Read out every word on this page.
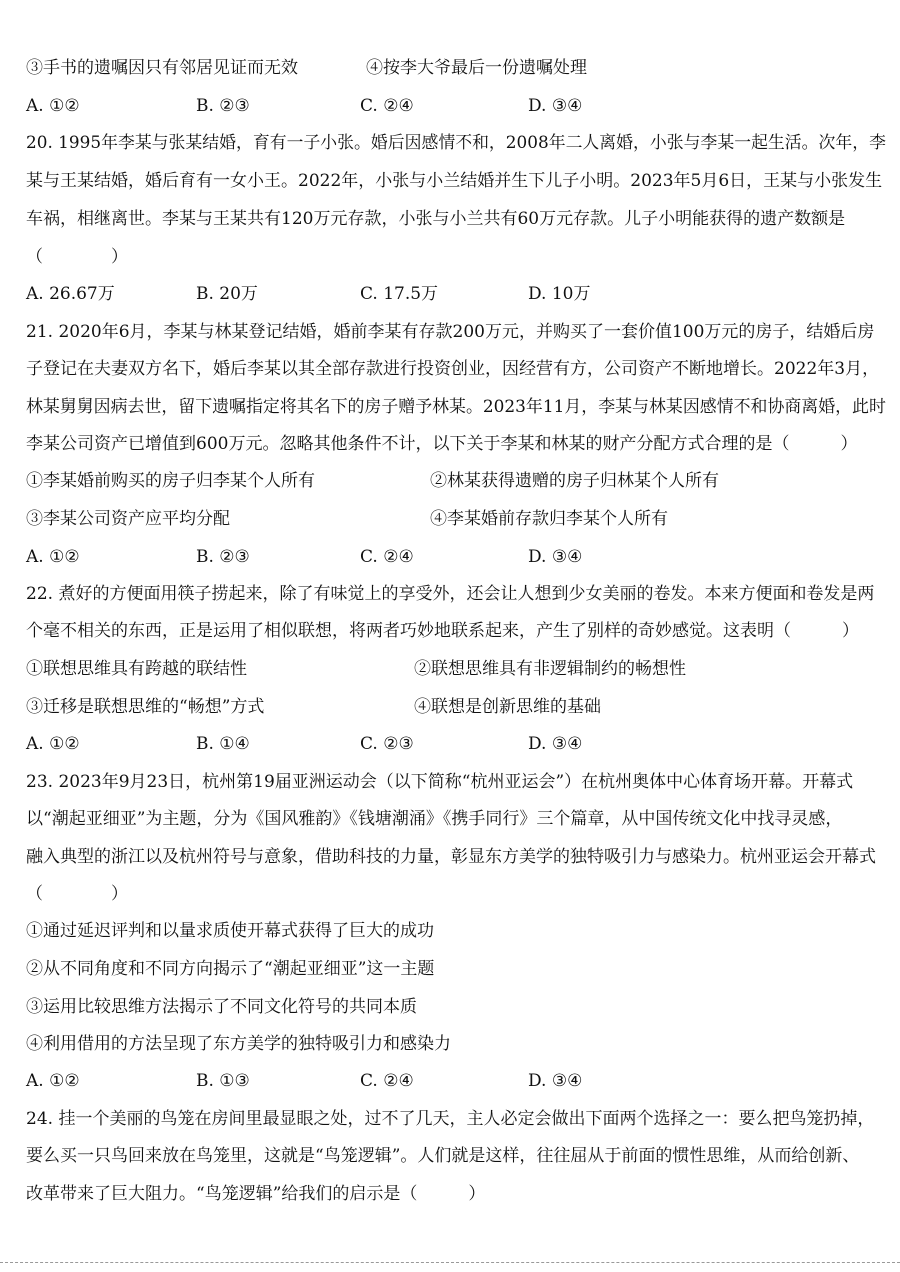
③手书的遗嘱因只有邻居见证而无效	④按李大爷最后一份遗嘱处理
A. ①②	B. ②③	C. ②④	D. ③④
20. 1995年李某与张某结婚，育有一子小张。婚后因感情不和，2008年二人离婚，小张与李某一起生活。次年，李
某与王某结婚，婚后育有一女小王。2022年，小张与小兰结婚并生下儿子小明。2023年5月6日，王某与小张发生
车祸，相继离世。李某与王某共有120万元存款，小张与小兰共有60万元存款。儿子小明能获得的遗产数额是
（　　　　）
A. 26.67万	B. 20万	C. 17.5万	D. 10万
21. 2020年6月，李某与林某登记结婚，婚前李某有存款200万元，并购买了一套价值100万元的房子，结婚后房
子登记在夫妻双方名下，婚后李某以其全部存款进行投资创业，因经营有方，公司资产不断地增长。2022年3月，
林某舅舅因病去世，留下遗嘱指定将其名下的房子赠予林某。2023年11月，李某与林某因感情不和协商离婚，此时
李某公司资产已增值到600万元。忽略其他条件不计，以下关于李某和林某的财产分配方式合理的是（　　　）
①李某婚前购买的房子归李某个人所有	②林某获得遗赠的房子归林某个人所有
③李某公司资产应平均分配	④李某婚前存款归李某个人所有
A. ①②	B. ②③	C. ②④	D. ③④
22. 煮好的方便面用筷子捞起来，除了有味觉上的享受外，还会让人想到少女美丽的卷发。本来方便面和卷发是两
个毫不相关的东西，正是运用了相似联想，将两者巧妙地联系起来，产生了别样的奇妙感觉。这表明（　　　）
①联想思维具有跨越的联结性	②联想思维具有非逻辑制约的畅想性
③迁移是联想思维的“畅想”方式	④联想是创新思维的基础
A. ①②	B. ①④	C. ②③	D. ③④
23. 2023年9月23日，杭州第19届亚洲运动会（以下简称“杭州亚运会”）在杭州奥体中心体育场开幕。开幕式
以“潮起亚细亚”为主题，分为《国风雅韵》《钱塘潮涌》《携手同行》三个篇章，从中国传统文化中找寻灵感，
融入典型的浙江以及杭州符号与意象，借助科技的力量，彰显东方美学的独特吸引力与感染力。杭州亚运会开幕式
（　　　　）
①通过延迟评判和以量求质使开幕式获得了巨大的成功
②从不同角度和不同方向揭示了“潮起亚细亚”这一主题
③运用比较思维方法揭示了不同文化符号的共同本质
④利用借用的方法呈现了东方美学的独特吸引力和感染力
A. ①②	B. ①③	C. ②④	D. ③④
24. 挂一个美丽的鸟笼在房间里最显眼之处，过不了几天，主人必定会做出下面两个选择之一：要么把鸟笼扔掉，
要么买一只鸟回来放在鸟笼里，这就是“鸟笼逻辑”。人们就是这样，往往屈从于前面的惯性思维，从而给创新、
改革带来了巨大阻力。“鸟笼逻辑”给我们的启示是（　　　）
